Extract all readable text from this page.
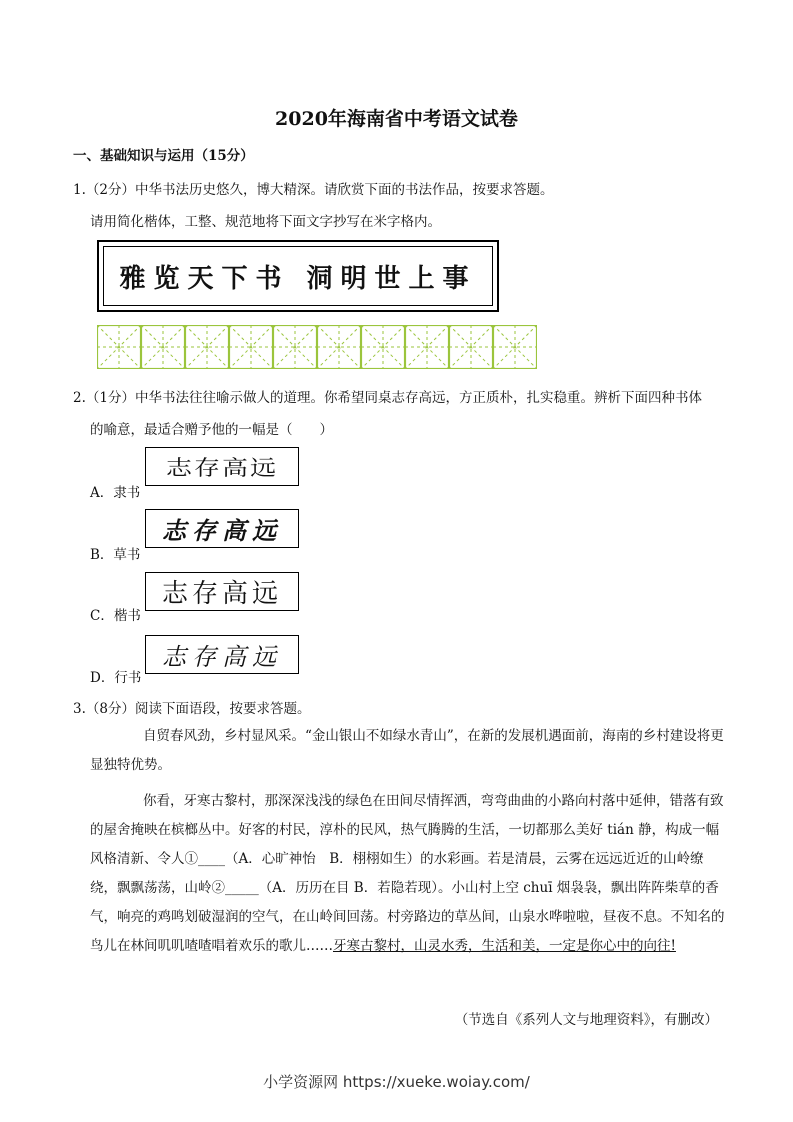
2020年海南省中考语文试卷
一、基础知识与运用（15分）
1.（2分）中华书法历史悠久，博大精深。请欣赏下面的书法作品，按要求答题。
请用简化楷体，工整、规范地将下面文字抄写在米字格内。
雅览天下书 洞明世上事
2.（1分）中华书法往往喻示做人的道理。你希望同桌志存高远，方正质朴，扎实稳重。辨析下面四种书体
的喻意，最适合赠予他的一幅是（　　）
A．隶书
志存高远
B．草书
志存高远
C．楷书
志存高远
D．行书
志存高远
3.（8分）阅读下面语段，按要求答题。
自贸春风劲，乡村显风采。“金山银山不如绿水青山”，在新的发展机遇面前，海南的乡村建设将更显独特优势。
你看，牙寒古黎村，那深深浅浅的绿色在田间尽情挥洒，弯弯曲曲的小路向村落中延伸，错落有致的屋舍掩映在槟榔丛中。好客的村民，淳朴的民风，热气腾腾的生活，一切都那么美好 tián 静，构成一幅风格清新、令人①____（A．心旷神怡　B．栩栩如生）的水彩画。若是清晨，云雾在远远近近的山岭缭绕，飘飘荡荡，山岭②_____（A．历历在目 B．若隐若现）。小山村上空 chuī 烟袅袅，飘出阵阵柴草的香气，响亮的鸡鸣划破湿润的空气，在山岭间回荡。村旁路边的草丛间，山泉水哗啦啦，昼夜不息。不知名的鸟儿在林间叽叽喳喳唱着欢乐的歌儿……牙寒古黎村，山灵水秀，生活和美，一定是你心中的向往!
（节选自《系列人文与地理资料》，有删改）
小学资源网 https://xueke.woiay.com/
